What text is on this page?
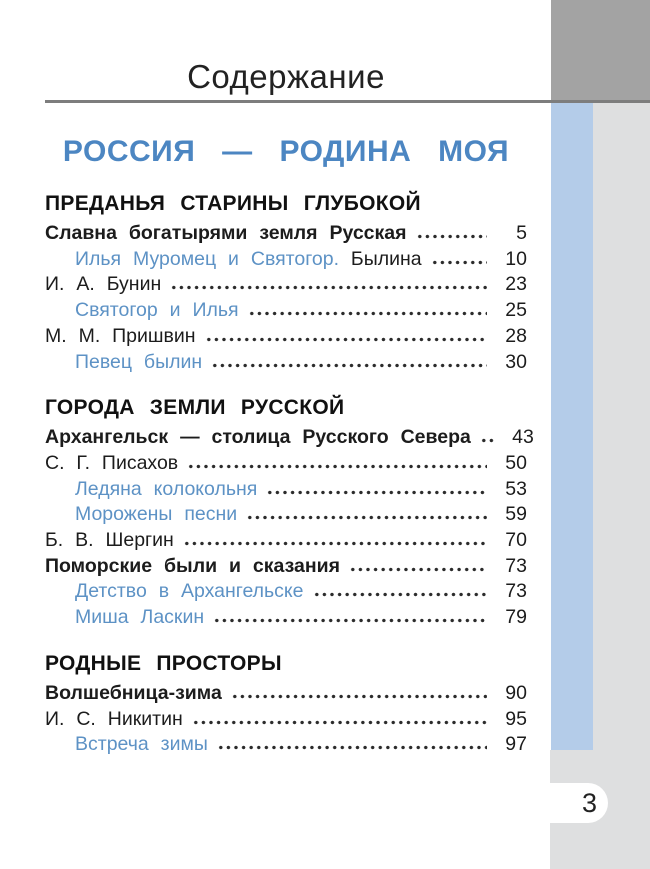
3
Содержание
РОССИЯ — РОДИНА МОЯ
ПРЕДАНЬЯ СТАРИНЫ ГЛУБОКОЙ
Славна богатырями земля Русская	5
Илья Муромец и Святогор. Былина	10
И. А. Бунин	23
Святогор и Илья	25
М. М. Пришвин	28
Певец былин	30
ГОРОДА ЗЕМЛИ РУССКОЙ
Архангельск — столица Русского Севера	43
С. Г. Писахов	50
Ледяна колокольня	53
Морожены песни	59
Б. В. Шергин	70
Поморские были и сказания	73
Детство в Архангельске	73
Миша Ласкин	79
РОДНЫЕ ПРОСТОРЫ
Волшебница-зима	90
И. С. Никитин	95
Встреча зимы	97
